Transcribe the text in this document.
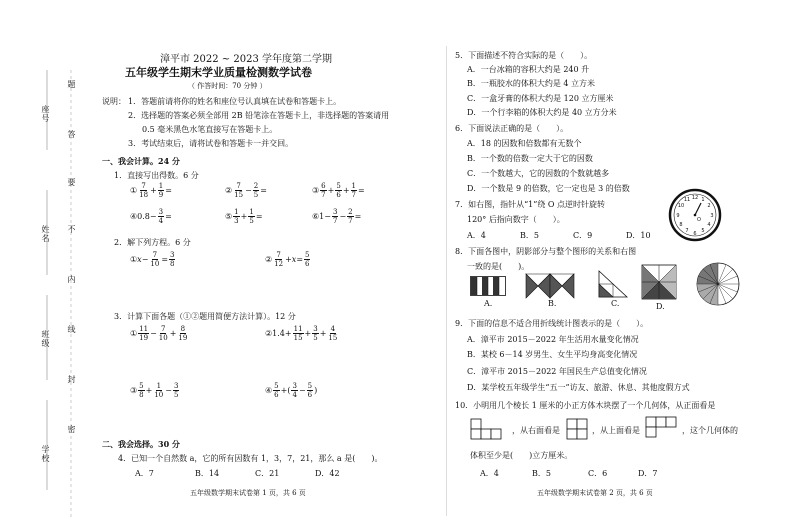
座号
姓名
班级
学校
题
答
要
不
内
线
封
密
漳平市 2022 ~ 2023 学年度第二学期
五年级学生期末学业质量检测数学试卷
（ 作答时间：70 分钟 ）
说明： 1．答题前请将你的姓名和座位号认真填在试卷和答题卡上。
2．选择题的答案必须全部用 2B 铅笔涂在答题卡上，非选择题的答案请用
0.5 毫米黑色水笔直接写在答题卡上。
3．考试结束后，请将试卷和答题卡一并交回。
一、我会计算。24 分
1．直接写出得数。6 分
① $\frac{7}{18} + \frac{1}{9}$ =	② $\frac{7}{15} - \frac{2}{5}$ =	③ $\frac{6}{7} + \frac{5}{6} + \frac{1}{7}$ =
④0.8− $\frac{3}{4}$ =	⑤ $\frac{1}{3} + \frac{1}{5}$ =	⑥1− $\frac{3}{7} - \frac{2}{7}$ =
2．解下列方程。6 分
① $x - \frac{7}{10} = \frac{3}{8}$	② $\frac{7}{12} + x = \frac{5}{6}$
3．计算下面各题（①②题用简便方法计算）。12 分
① $\frac{11}{19} - \frac{7}{10} + \frac{8}{19}$	②1.4+ $\frac{11}{15} + \frac{3}{5} + \frac{4}{15}$
③ $\frac{5}{8} + \frac{1}{10} - \frac{3}{5}$	④ $\frac{5}{6}$ +( $\frac{3}{4} - \frac{5}{6}$ )
二、我会选择。30 分
4．已知一个自然数 a，它的所有因数有 1，3，7，21，那么 a 是(　　)。
A．7	B．14	C．21	D．42
五年级数学期末试卷第 1 页，共 6 页
5．下面描述不符合实际的是（　　）。
A．一台冰箱的容积大约是 240 升
B．一瓶胶水的体积大约是 4 立方米
C．一盒牙膏的体积大约是 120 立方厘米
D．一个行李箱的体积大约是 40 立方分米
6．下面说法正确的是（　　）。
A．18 的因数和倍数都有无数个
B．一个数的倍数一定大于它的因数
C．一个数越大，它的因数的个数就越多
D．一个数是 9 的倍数，它一定也是 3 的倍数
7．如右图，指针从“1”绕 O 点逆时针旋转
120° 后指向数字（　　）。
A．4	B．5	C．9	D．10
12 1
2
3
4
5
6
7
8
9
10
11
O
8．下面各图中，阴影部分与整个图形的关系和右图
一致的是(　　)。
A.	B.	C.	D.
9．下面的信息不适合用折线统计图表示的是（　　）。
A．漳平市 2015－2022 年生活用水量变化情况
B．某校 6－14 岁男生、女生平均身高变化情况
C．漳平市 2015－2022 年国民生产总值变化情况
D．某学校五年级学生“五一”访友、旅游、休息、其他度假方式
10．小明用几个棱长 1 厘米的小正方体木块摆了一个几何体，从正面看是
，从右面看是	，从上面看是	，这个几何体的
体积至少是(　　)立方厘米。
A．4	B．5	C．6	D．7
五年级数学期末试卷第 2 页，共 6 页
